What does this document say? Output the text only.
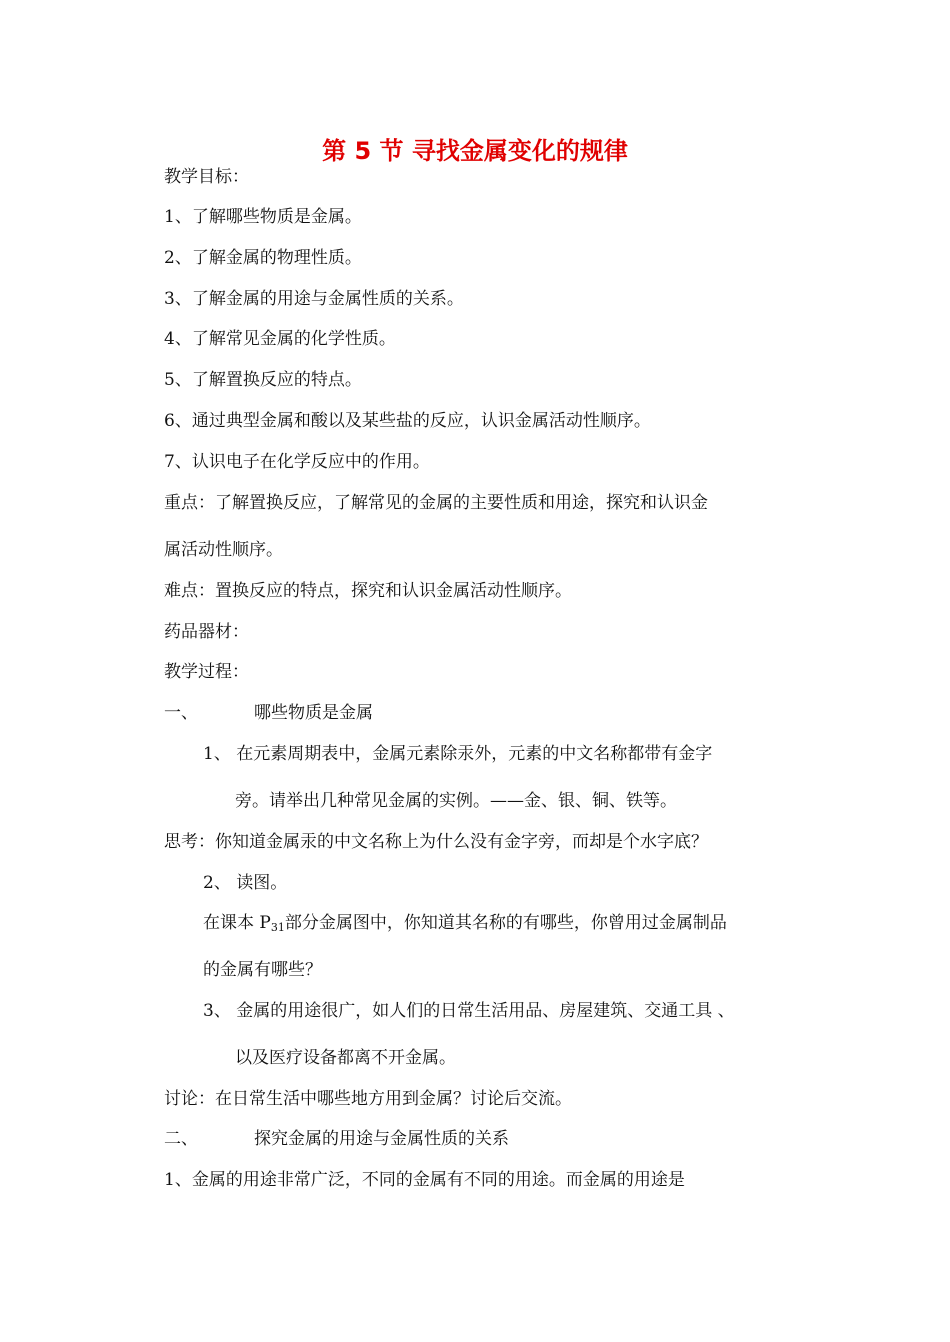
第 5 节 寻找金属变化的规律
教学目标：
1、了解哪些物质是金属。
2、了解金属的物理性质。
3、了解金属的用途与金属性质的关系。
4、了解常见金属的化学性质。
5、了解置换反应的特点。
6、通过典型金属和酸以及某些盐的反应，认识金属活动性顺序。
7、认识电子在化学反应中的作用。
重点：了解置换反应，了解常见的金属的主要性质和用途，探究和认识金
属活动性顺序。
难点：置换反应的特点，探究和认识金属活动性顺序。
药品器材：
教学过程：
一、	哪些物质是金属
1、 在元素周期表中，金属元素除汞外，元素的中文名称都带有金字
旁。请举出几种常见金属的实例。——金、银、铜、铁等。
思考：你知道金属汞的中文名称上为什么没有金字旁，而却是个水字底？
2、 读图。
在课本 $P_{31}$部分金属图中，你知道其名称的有哪些，你曾用过金属制品
的金属有哪些？
3、 金属的用途很广，如人们的日常生活用品、房屋建筑、交通工具 、
以及医疗设备都离不开金属。
讨论：在日常生活中哪些地方用到金属？讨论后交流。
二、	探究金属的用途与金属性质的关系
1、金属的用途非常广泛，不同的金属有不同的用途。而金属的用途是
